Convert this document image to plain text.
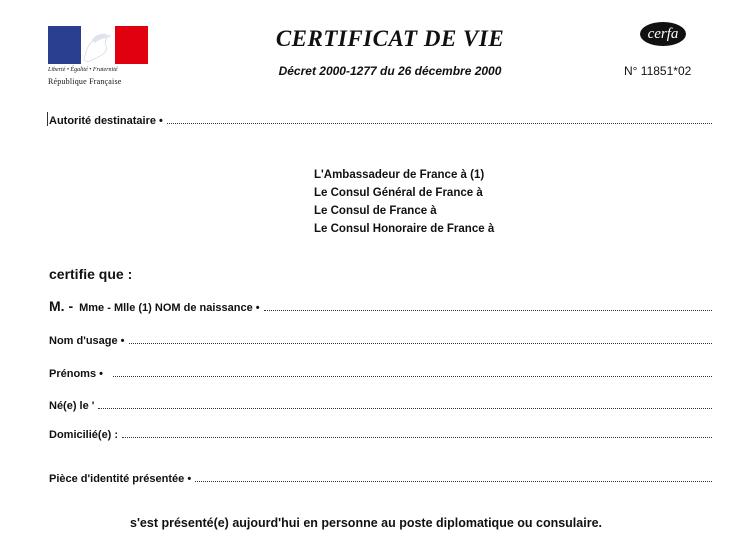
Liberté • Égalité • Fraternité
République Française
CERTIFICAT DE VIE
Décret 2000-1277 du 26 décembre 2000
cerfa
N° 11851*02
Autorité destinataire •
L'Ambassadeur de France à (1)
Le Consul Général de France à
Le Consul de France à
Le Consul Honoraire de France à
certifie que :
M. - Mme - Mlle (1) NOM de naissance •
Nom d'usage •
Prénoms •
Né(e) le '
Domicilié(e) :
Pièce d'identité présentée •
s'est présenté(e) aujourd'hui en personne au poste diplomatique ou consulaire.
